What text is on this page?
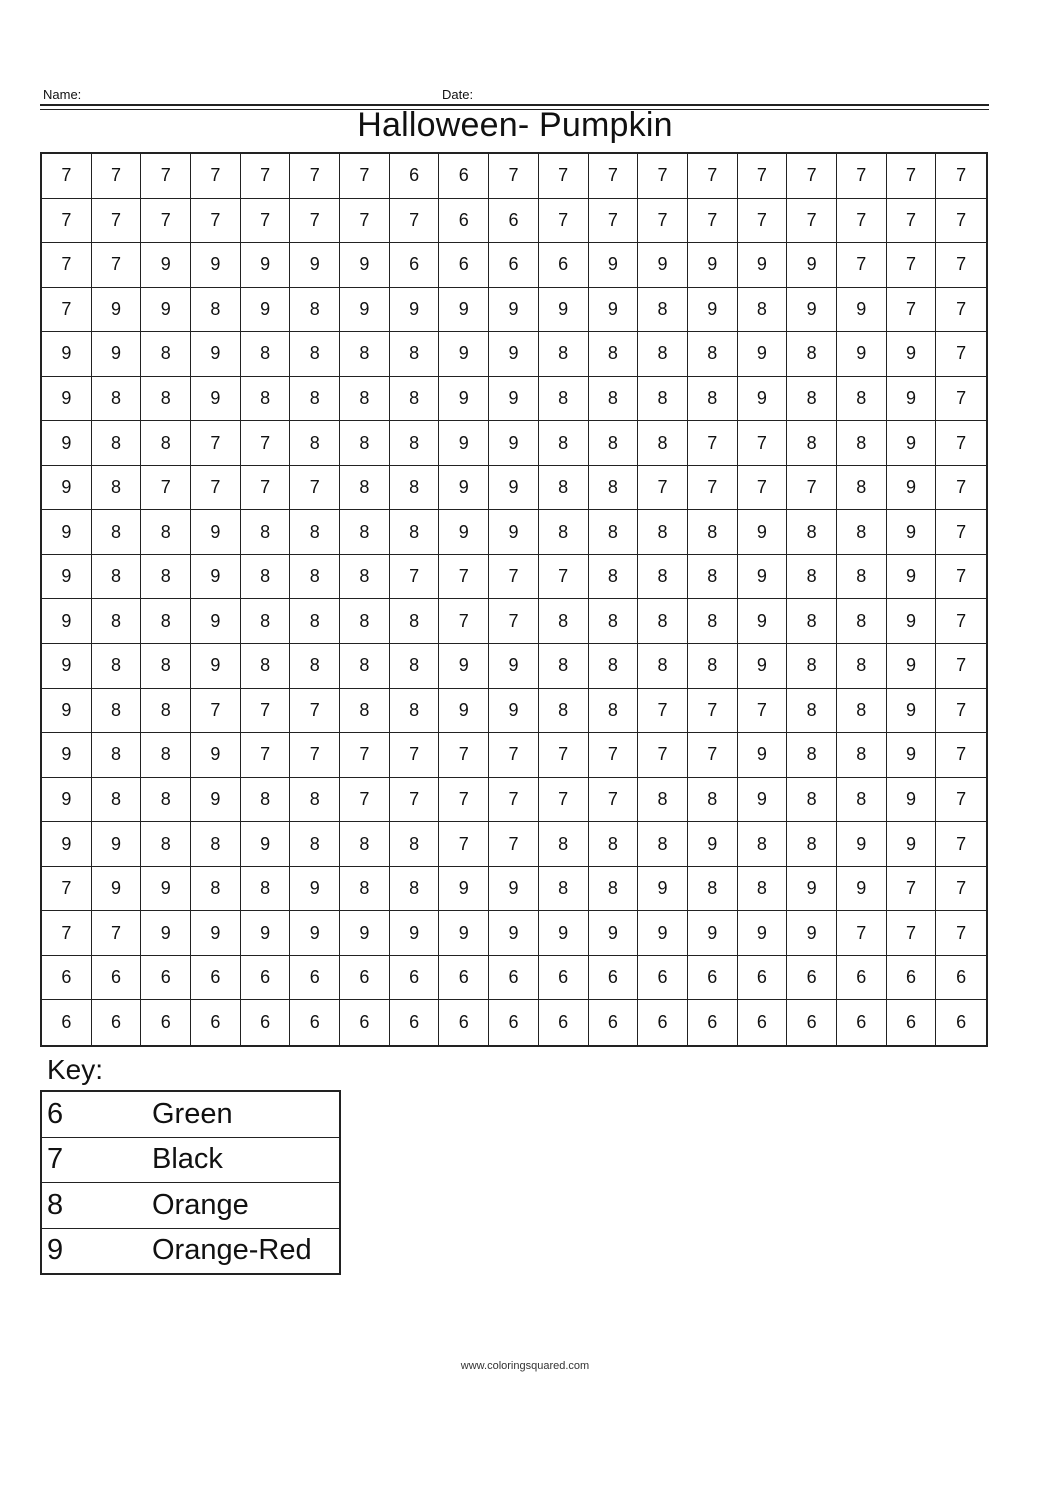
Name:	Date:
Halloween- Pumpkin
7	7	7	7	7	7	7	6	6	7	7	7	7	7	7	7	7	7	7
7	7	7	7	7	7	7	7	6	6	7	7	7	7	7	7	7	7	7
7	7	9	9	9	9	9	6	6	6	6	9	9	9	9	9	7	7	7
7	9	9	8	9	8	9	9	9	9	9	9	8	9	8	9	9	7	7
9	9	8	9	8	8	8	8	9	9	8	8	8	8	9	8	9	9	7
9	8	8	9	8	8	8	8	9	9	8	8	8	8	9	8	8	9	7
9	8	8	7	7	8	8	8	9	9	8	8	8	7	7	8	8	9	7
9	8	7	7	7	7	8	8	9	9	8	8	7	7	7	7	8	9	7
9	8	8	9	8	8	8	8	9	9	8	8	8	8	9	8	8	9	7
9	8	8	9	8	8	8	7	7	7	7	8	8	8	9	8	8	9	7
9	8	8	9	8	8	8	8	7	7	8	8	8	8	9	8	8	9	7
9	8	8	9	8	8	8	8	9	9	8	8	8	8	9	8	8	9	7
9	8	8	7	7	7	8	8	9	9	8	8	7	7	7	8	8	9	7
9	8	8	9	7	7	7	7	7	7	7	7	7	7	9	8	8	9	7
9	8	8	9	8	8	7	7	7	7	7	7	8	8	9	8	8	9	7
9	9	8	8	9	8	8	8	7	7	8	8	8	9	8	8	9	9	7
7	9	9	8	8	9	8	8	9	9	8	8	9	8	8	9	9	7	7
7	7	9	9	9	9	9	9	9	9	9	9	9	9	9	9	7	7	7
6	6	6	6	6	6	6	6	6	6	6	6	6	6	6	6	6	6	6
6	6	6	6	6	6	6	6	6	6	6	6	6	6	6	6	6	6	6
Key:
6	Green
7	Black
8	Orange
9	Orange-Red
www.coloringsquared.com
